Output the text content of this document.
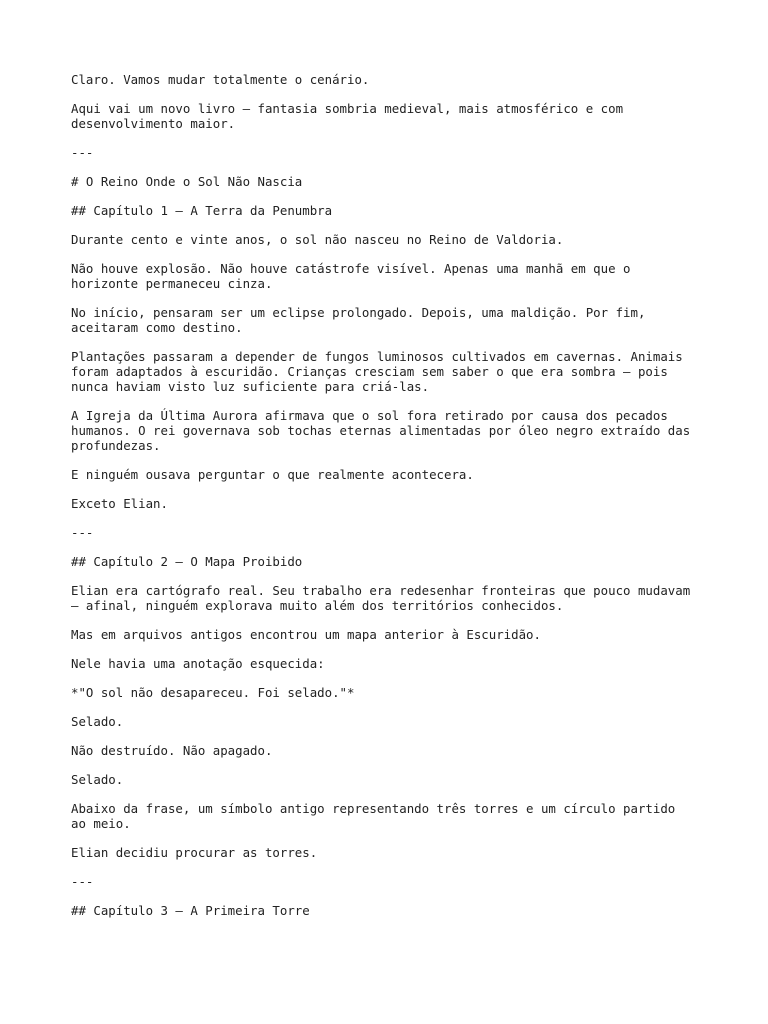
Claro. Vamos mudar totalmente o cenário.

Aqui vai um novo livro — fantasia sombria medieval, mais atmosférico e com
desenvolvimento maior.

---

# O Reino Onde o Sol Não Nascia

## Capítulo 1 — A Terra da Penumbra

Durante cento e vinte anos, o sol não nasceu no Reino de Valdoria.

Não houve explosão. Não houve catástrofe visível. Apenas uma manhã em que o
horizonte permaneceu cinza.

No início, pensaram ser um eclipse prolongado. Depois, uma maldição. Por fim,
aceitaram como destino.

Plantações passaram a depender de fungos luminosos cultivados em cavernas. Animais
foram adaptados à escuridão. Crianças cresciam sem saber o que era sombra — pois
nunca haviam visto luz suficiente para criá-las.

A Igreja da Última Aurora afirmava que o sol fora retirado por causa dos pecados
humanos. O rei governava sob tochas eternas alimentadas por óleo negro extraído das
profundezas.

E ninguém ousava perguntar o que realmente acontecera.

Exceto Elian.

---

## Capítulo 2 — O Mapa Proibido

Elian era cartógrafo real. Seu trabalho era redesenhar fronteiras que pouco mudavam
— afinal, ninguém explorava muito além dos territórios conhecidos.

Mas em arquivos antigos encontrou um mapa anterior à Escuridão.

Nele havia uma anotação esquecida:

*"O sol não desapareceu. Foi selado."*

Selado.

Não destruído. Não apagado.

Selado.

Abaixo da frase, um símbolo antigo representando três torres e um círculo partido
ao meio.

Elian decidiu procurar as torres.

---

## Capítulo 3 — A Primeira Torre
